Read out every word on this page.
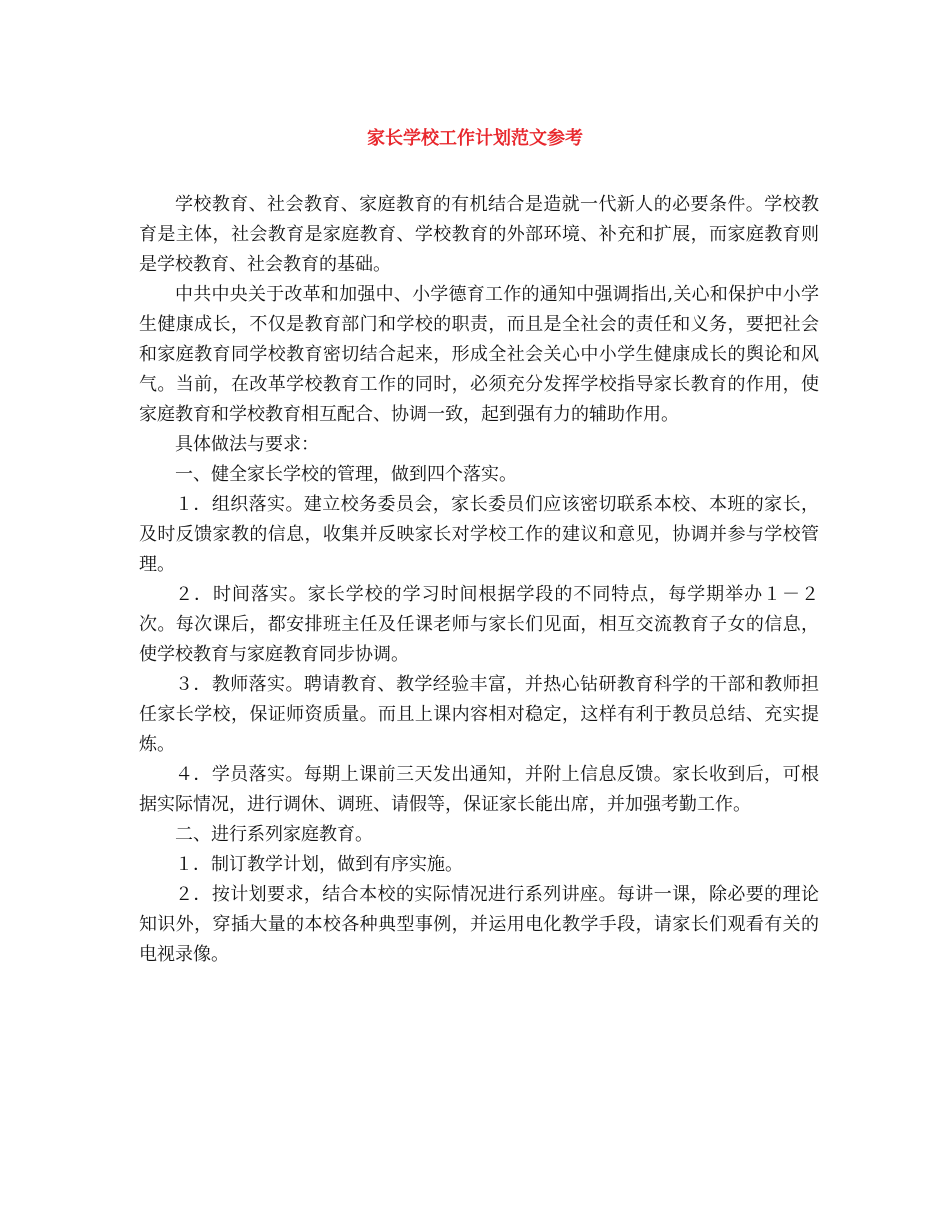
家长学校工作计划范文参考

学校教育、社会教育、家庭教育的有机结合是造就一代新人的必要条件。学校教育是主体，社会教育是家庭教育、学校教育的外部环境、补充和扩展，而家庭教育则是学校教育、社会教育的基础。

中共中央关于改革和加强中、小学德育工作的通知中强调指出,关心和保护中小学生健康成长，不仅是教育部门和学校的职责，而且是全社会的责任和义务，要把社会和家庭教育同学校教育密切结合起来，形成全社会关心中小学生健康成长的舆论和风气。当前，在改革学校教育工作的同时，必须充分发挥学校指导家长教育的作用，使家庭教育和学校教育相互配合、协调一致，起到强有力的辅助作用。

具体做法与要求：

一、健全家长学校的管理，做到四个落实。

１．组织落实。建立校务委员会，家长委员们应该密切联系本校、本班的家长，及时反馈家教的信息，收集并反映家长对学校工作的建议和意见，协调并参与学校管理。

２．时间落实。家长学校的学习时间根据学段的不同特点，每学期举办１－２次。每次课后，都安排班主任及任课老师与家长们见面，相互交流教育子女的信息，使学校教育与家庭教育同步协调。

３．教师落实。聘请教育、教学经验丰富，并热心钻研教育科学的干部和教师担任家长学校，保证师资质量。而且上课内容相对稳定，这样有利于教员总结、充实提炼。

４．学员落实。每期上课前三天发出通知，并附上信息反馈。家长收到后，可根据实际情况，进行调休、调班、请假等，保证家长能出席，并加强考勤工作。

二、进行系列家庭教育。

１．制订教学计划，做到有序实施。

２．按计划要求，结合本校的实际情况进行系列讲座。每讲一课，除必要的理论知识外，穿插大量的本校各种典型事例，并运用电化教学手段，请家长们观看有关的电视录像。
